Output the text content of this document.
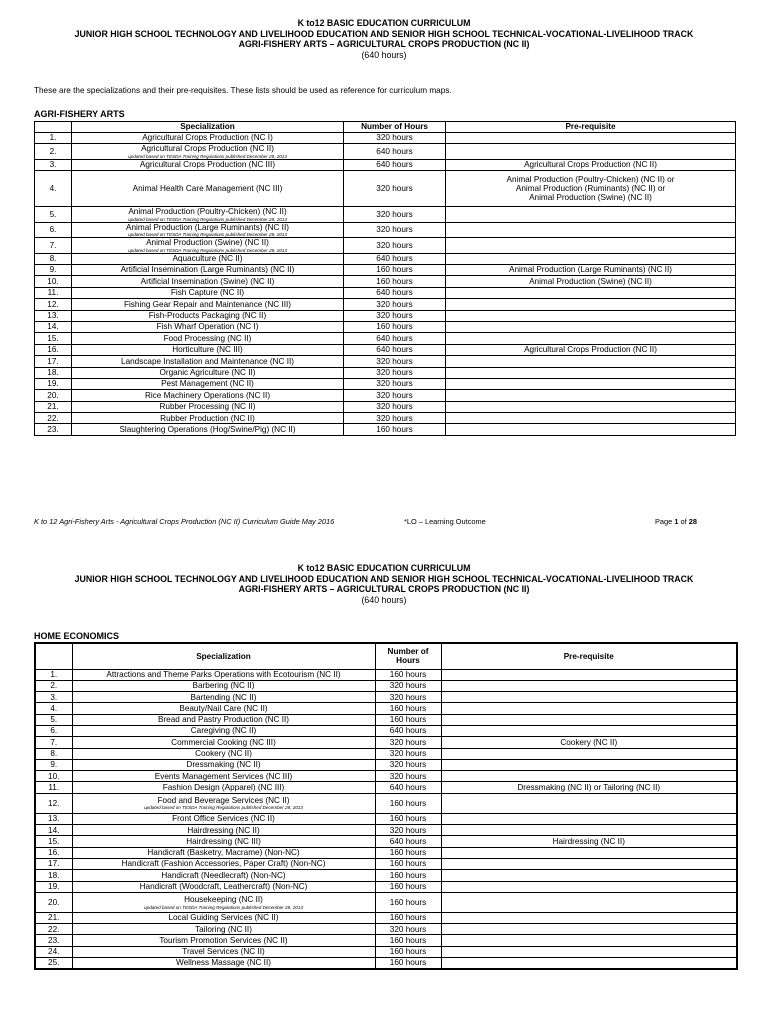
K to12 BASIC EDUCATION CURRICULUM
JUNIOR HIGH SCHOOL TECHNOLOGY AND LIVELIHOOD EDUCATION AND SENIOR HIGH SCHOOL TECHNICAL-VOCATIONAL-LIVELIHOOD TRACK
AGRI-FISHERY ARTS – AGRICULTURAL CROPS PRODUCTION (NC II)
(640 hours)
These are the specializations and their pre-requisites. These lists should be used as reference for curriculum maps.
AGRI-FISHERY ARTS
	Specialization	Number of Hours	Pre-requisite
1.	Agricultural Crops Production (NC I)	320 hours	
2.	Agricultural Crops Production (NC II)
updated based on TESDA Training Regulations published December 28, 2013	640 hours	
3.	Agricultural Crops Production (NC III)	640 hours	Agricultural Crops Production (NC II)

4.	Animal Health Care Management (NC III)	320 hours	Animal Production (Poultry-Chicken) (NC II) or
Animal Production (Ruminants) (NC II) or
Animal Production (Swine) (NC II)

5.	Animal Production (Poultry-Chicken) (NC II)
updated based on TESDA Training Regulations published December 28, 2013	320 hours	
6.	Animal Production (Large Ruminants) (NC II)
updated based on TESDA Training Regulations published December 28, 2013	320 hours	
7.	Animal Production (Swine) (NC II)
updated based on TESDA Training Regulations published December 28, 2013	320 hours	
8.	Aquaculture (NC II)	640 hours	
9.	Artificial Insemination (Large Ruminants) (NC II)	160 hours	Animal Production (Large Ruminants) (NC II)

10.	Artificial Insemination (Swine) (NC II)	160 hours	Animal Production (Swine) (NC II)

11.	Fish Capture (NC II)	640 hours	
12.	Fishing Gear Repair and Maintenance (NC III)	320 hours	
13.	Fish-Products Packaging (NC II)	320 hours	
14.	Fish Wharf Operation (NC I)	160 hours	
15.	Food Processing (NC II)	640 hours	
16.	Horticulture (NC III)	640 hours	Agricultural Crops Production (NC II)

17.	Landscape Installation and Maintenance (NC II)	320 hours	
18.	Organic Agriculture (NC II)	320 hours	
19.	Pest Management (NC II)	320 hours	
20.	Rice Machinery Operations (NC II)	320 hours	
21.	Rubber Processing (NC II)	320 hours	
22.	Rubber Production (NC II)	320 hours	
23.	Slaughtering Operations (Hog/Swine/Pig) (NC II)	160 hours	
K to 12 Agri-Fishery Arts - Agricultural Crops Production (NC II) Curriculum Guide May 2016	*LO – Learning Outcome	Page 1 of 28
K to12 BASIC EDUCATION CURRICULUM
JUNIOR HIGH SCHOOL TECHNOLOGY AND LIVELIHOOD EDUCATION AND SENIOR HIGH SCHOOL TECHNICAL-VOCATIONAL-LIVELIHOOD TRACK
AGRI-FISHERY ARTS – AGRICULTURAL CROPS PRODUCTION (NC II)
(640 hours)
HOME ECONOMICS
	Specialization	Number of Hours	Pre-requisite
1.	Attractions and Theme Parks Operations with Ecotourism (NC II)	160 hours	
2.	Barbering (NC II)	320 hours	
3.	Bartending (NC II)	320 hours	
4.	Beauty/Nail Care (NC II)	160 hours	
5.	Bread and Pastry Production (NC II)	160 hours	
6.	Caregiving (NC II)	640 hours	
7.	Commercial Cooking (NC III)	320 hours	Cookery (NC II)

8.	Cookery (NC II)	320 hours	
9.	Dressmaking (NC II)	320 hours	
10.	Events Management Services (NC III)	320 hours	
11.	Fashion Design (Apparel) (NC III)	640 hours	Dressmaking (NC II) or Tailoring (NC II)

12.	Food and Beverage Services (NC II)
updated based on TESDA Training Regulations published December 28, 2013	160 hours	
13.	Front Office Services (NC II)	160 hours	
14.	Hairdressing (NC II)	320 hours	
15.	Hairdressing (NC III)	640 hours	Hairdressing (NC II)

16.	Handicraft (Basketry, Macrame) (Non-NC)	160 hours	
17.	Handicraft (Fashion Accessories, Paper Craft) (Non-NC)	160 hours	
18.	Handicraft (Needlecraft) (Non-NC)	160 hours	
19.	Handicraft (Woodcraft, Leathercraft) (Non-NC)	160 hours	
20.	Housekeeping (NC II)
updated based on TESDA Training Regulations published December 28, 2013	160 hours	
21.	Local Guiding Services (NC II)	160 hours	
22.	Tailoring (NC II)	320 hours	
23.	Tourism Promotion Services (NC II)	160 hours	
24.	Travel Services (NC II)	160 hours	
25.	Wellness Massage (NC II)	160 hours	
